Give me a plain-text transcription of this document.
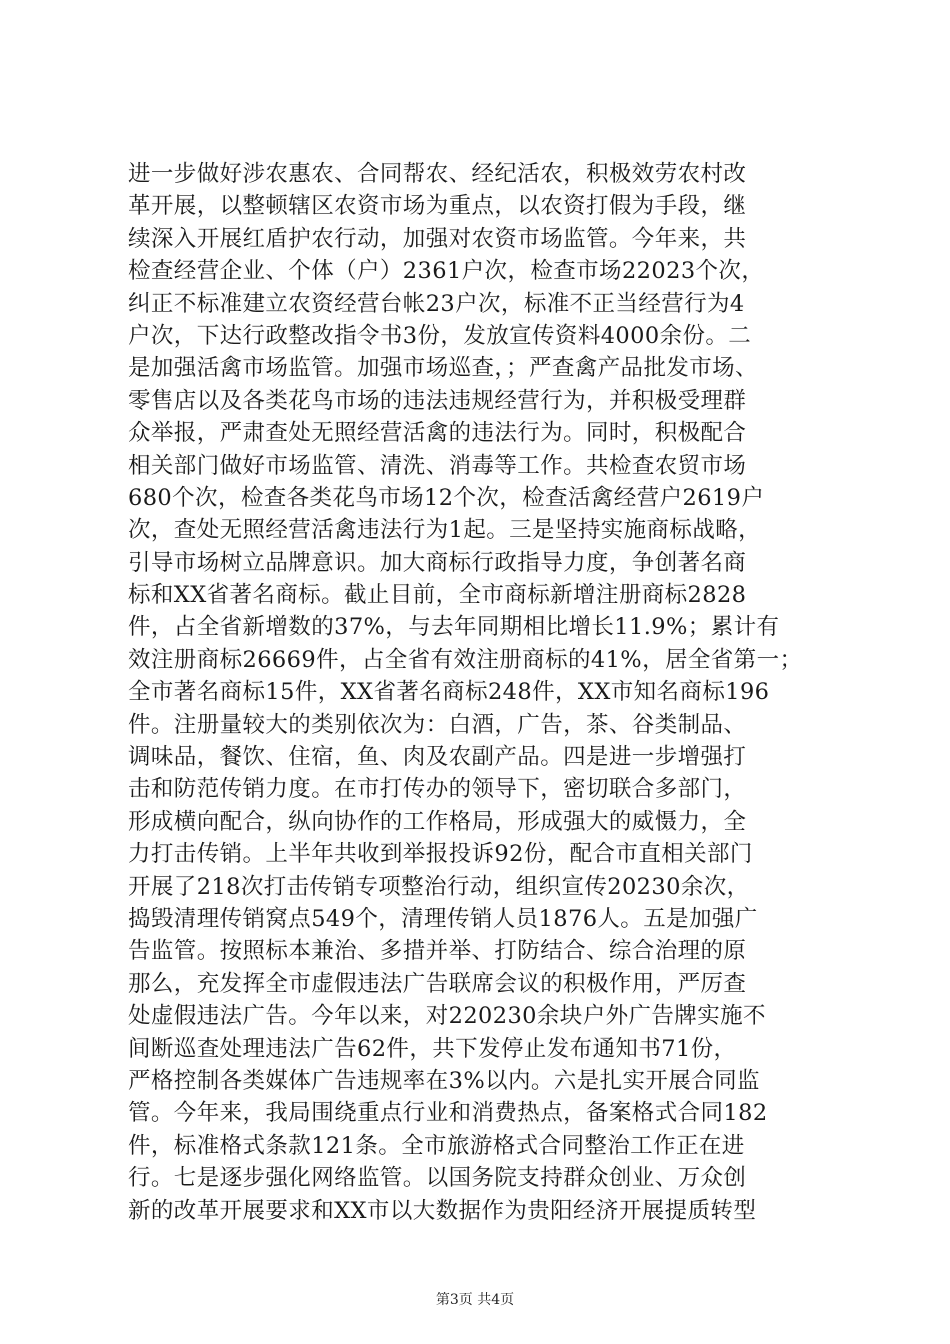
进一步做好涉农惠农、合同帮农、经纪活农，积极效劳农村改
革开展，以整顿辖区农资市场为重点，以农资打假为手段，继
续深入开展红盾护农行动，加强对农资市场监管。今年来，共
检查经营企业、个体（户）2361户次，检查市场22023个次，
纠正不标准建立农资经营台帐23户次，标准不正当经营行为4
户次，下达行政整改指令书3份，发放宣传资料4000余份。二
是加强活禽市场监管。加强市场巡查，；严查禽产品批发市场、
零售店以及各类花鸟市场的违法违规经营行为，并积极受理群
众举报，严肃查处无照经营活禽的违法行为。同时，积极配合
相关部门做好市场监管、清洗、消毒等工作。共检查农贸市场
680个次，检查各类花鸟市场12个次，检查活禽经营户2619户
次，查处无照经营活禽违法行为1起。三是坚持实施商标战略，
引导市场树立品牌意识。加大商标行政指导力度，争创著名商
标和XX省著名商标。截止目前，全市商标新增注册商标2828
件，占全省新增数的37%，与去年同期相比增长11.9%；累计有
效注册商标26669件，占全省有效注册商标的41%，居全省第一；
全市著名商标15件，XX省著名商标248件，XX市知名商标196
件。注册量较大的类别依次为：白酒，广告，茶、谷类制品、
调味品，餐饮、住宿，鱼、肉及农副产品。四是进一步增强打
击和防范传销力度。在市打传办的领导下，密切联合多部门，
形成横向配合，纵向协作的工作格局，形成强大的威慑力，全
力打击传销。上半年共收到举报投诉92份，配合市直相关部门
开展了218次打击传销专项整治行动，组织宣传20230余次，
捣毁清理传销窝点549个，清理传销人员1876人。五是加强广
告监管。按照标本兼治、多措并举、打防结合、综合治理的原
那么，充发挥全市虚假违法广告联席会议的积极作用，严厉查
处虚假违法广告。今年以来，对220230余块户外广告牌实施不
间断巡查处理违法广告62件，共下发停止发布通知书71份，
严格控制各类媒体广告违规率在3%以内。六是扎实开展合同监
管。今年来，我局围绕重点行业和消费热点，备案格式合同182
件，标准格式条款121条。全市旅游格式合同整治工作正在进
行。七是逐步强化网络监管。以国务院支持群众创业、万众创
新的改革开展要求和XX市以大数据作为贵阳经济开展提质转型
第3页 共4页
